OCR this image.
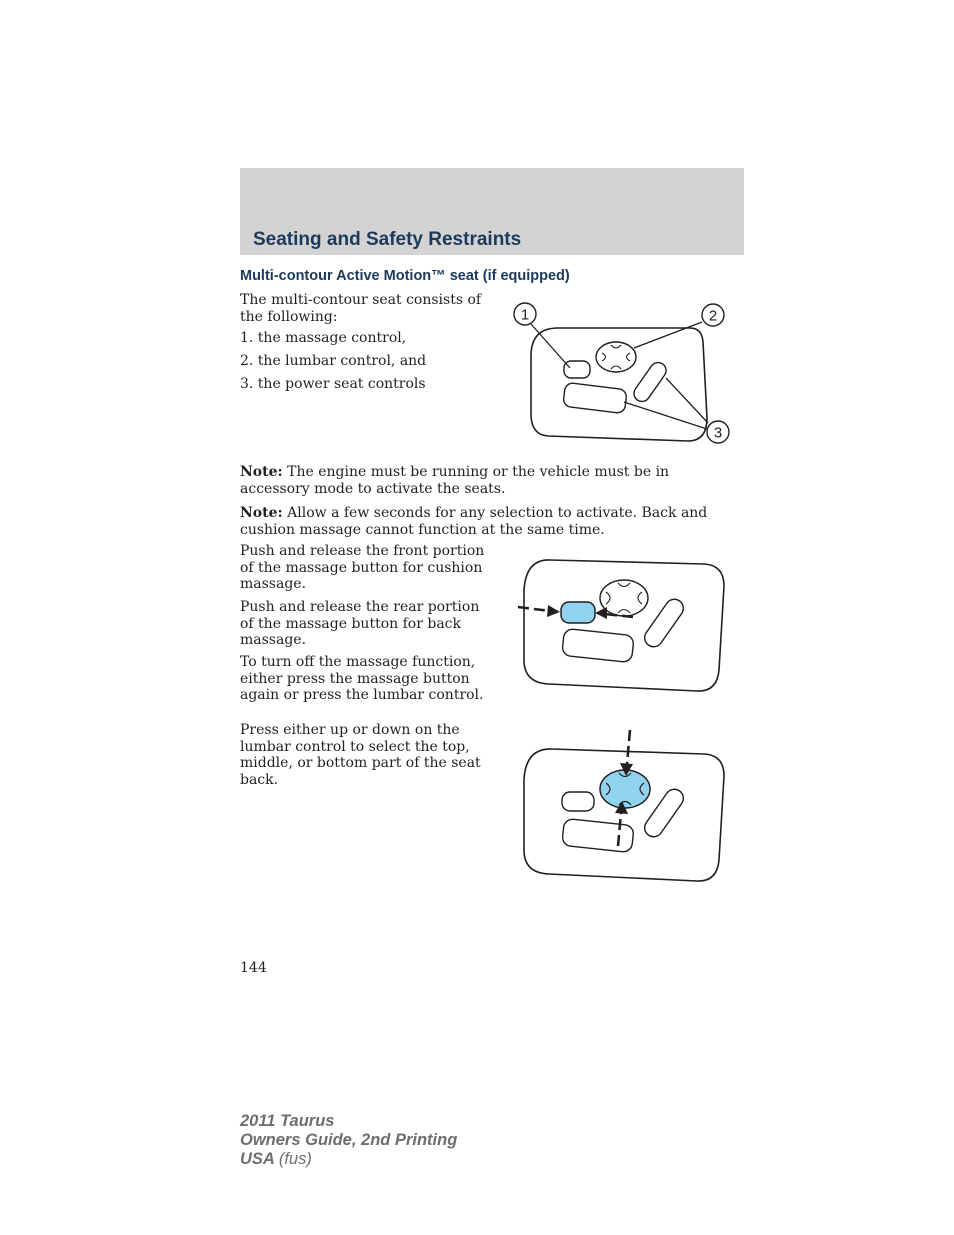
Seating and Safety Restraints
Multi-contour Active Motion™ seat (if equipped)

The multi-contour seat consists of the following:

1. the massage control,

2. the lumbar control, and

3. the power seat controls

1	2
3

Note: The engine must be running or the vehicle must be in accessory mode to activate the seats.

Note: Allow a few seconds for any selection to activate. Back and cushion massage cannot function at the same time.

Push and release the front portion of the massage button for cushion massage.

Push and release the rear portion of the massage button for back massage.

To turn off the massage function, either press the massage button again or press the lumbar control.

Press either up or down on the lumbar control to select the top, middle, or bottom part of the seat back.

144

2011 Taurus
Owners Guide, 2nd Printing
USA (fus)
